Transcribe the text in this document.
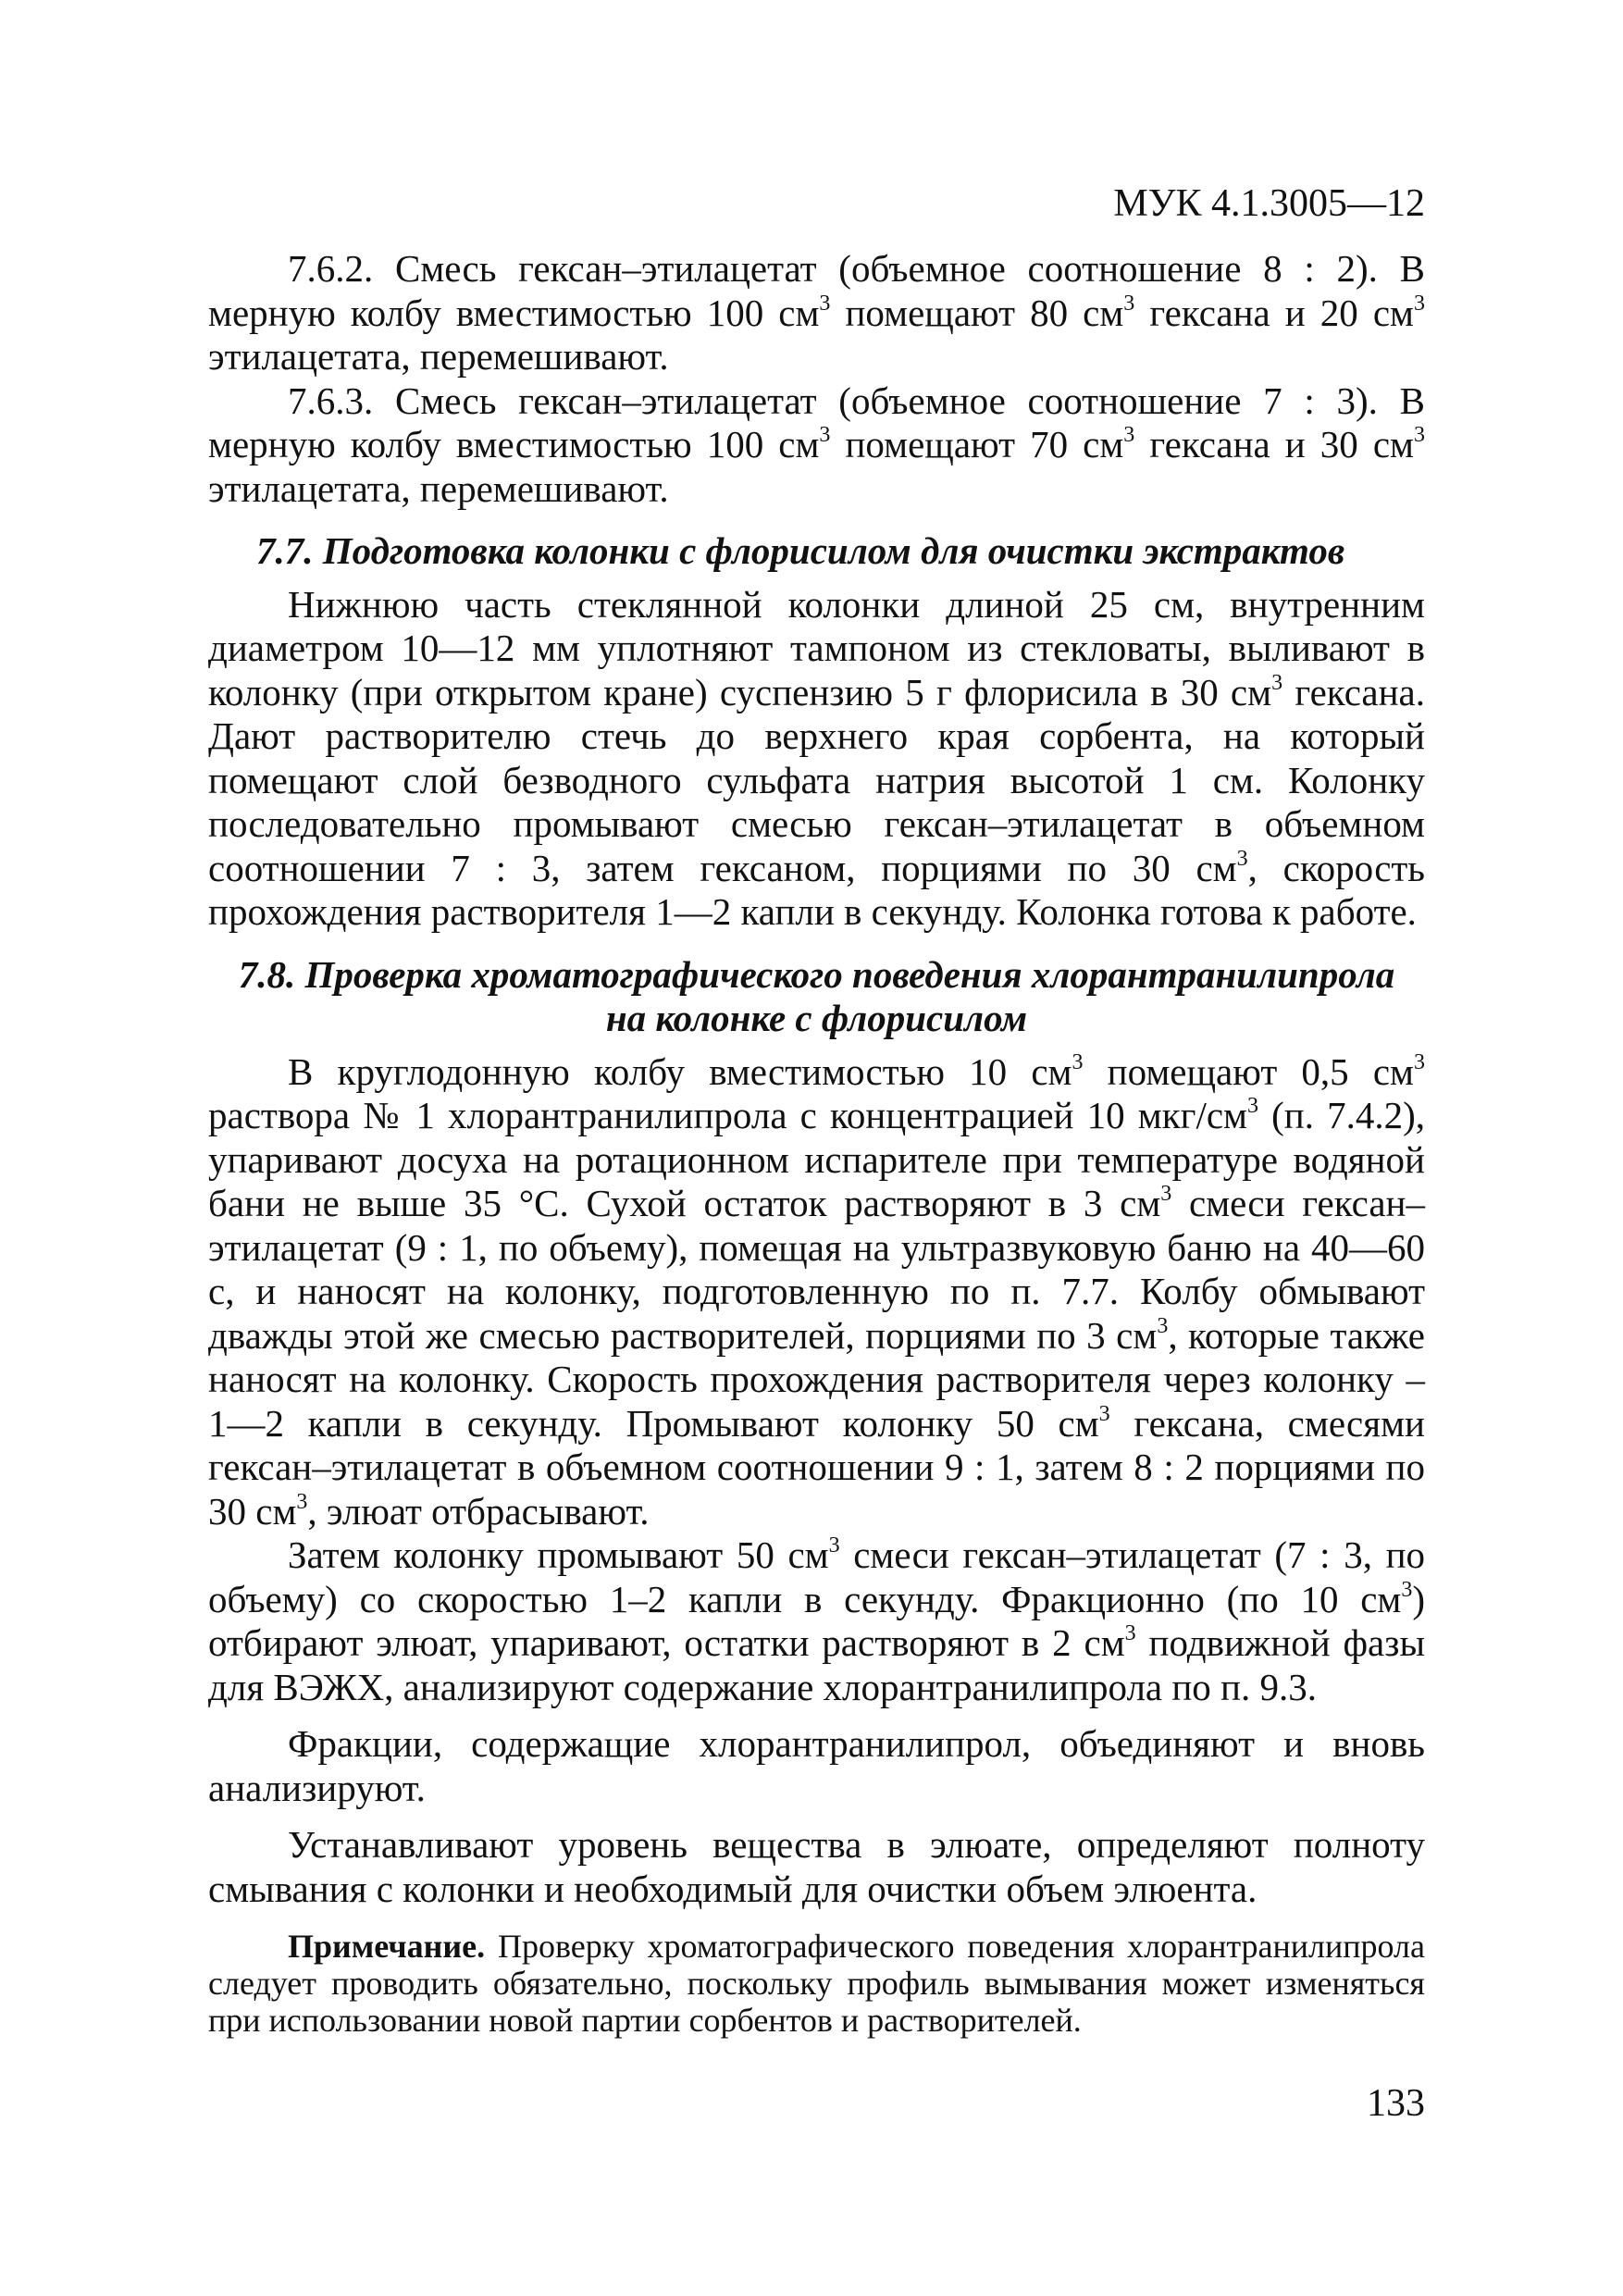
МУК 4.1.3005—12

7.6.2. Смесь гексан–этилацетат (объемное соотношение 8 : 2). В мерную колбу вместимостью 100 $см^3$ помещают 80 $см^3$ гексана и 20 $см^3$ этилацетата, перемешивают.

7.6.3. Смесь гексан–этилацетат (объемное соотношение 7 : 3). В мерную колбу вместимостью 100 $см^3$ помещают 70 $см^3$ гексана и 30 $см^3$ этилацетата, перемешивают.

7.7. Подготовка колонки с флорисилом для очистки экстрактов

Нижнюю часть стеклянной колонки длиной 25 см, внутренним диаметром 10—12 мм уплотняют тампоном из стекловаты, выливают в колонку (при открытом кране) суспензию 5 г флорисила в 30 $см^3$ гексана. Дают растворителю стечь до верхнего края сорбента, на который помещают слой безводного сульфата натрия высотой 1 см. Колонку последовательно промывают смесью гексан–этилацетат в объемном соотношении 7 : 3, затем гексаном, порциями по 30 $см^3$, скорость прохождения растворителя 1—2 капли в секунду. Колонка готова к работе.

7.8. Проверка хроматографического поведения хлорантранилипрола
на колонке с флорисилом

В круглодонную колбу вместимостью 10 $см^3$ помещают 0,5 $см^3$ раствора № 1 хлорантранилипрола с концентрацией 10 мкг/$см^3$ (п. 7.4.2), упаривают досуха на ротационном испарителе при температуре водяной бани не выше 35 °С. Сухой остаток растворяют в 3 $см^3$ смеси гексан–этилацетат (9 : 1, по объему), помещая на ультразвуковую баню на 40—60 с, и наносят на колонку, подготовленную по п. 7.7. Колбу обмывают дважды этой же смесью растворителей, порциями по 3 $см^3$, которые также наносят на колонку. Скорость прохождения растворителя через колонку – 1—2 капли в секунду. Промывают колонку 50 $см^3$ гексана, смесями гексан–этилацетат в объемном соотношении 9 : 1, затем 8 : 2 порциями по 30 $см^3$, элюат отбрасывают.

Затем колонку промывают 50 $см^3$ смеси гексан–этилацетат (7 : 3, по объему) со скоростью 1–2 капли в секунду. Фракционно (по 10 $см^3$) отбирают элюат, упаривают, остатки растворяют в 2 $см^3$ подвижной фазы для ВЭЖХ, анализируют содержание хлорантранилипрола по п. 9.3.

Фракции, содержащие хлорантранилипрол, объединяют и вновь анализируют.

Устанавливают уровень вещества в элюате, определяют полноту смывания с колонки и необходимый для очистки объем элюента.

Примечание. Проверку хроматографического поведения хлорантранилипрола следует проводить обязательно, поскольку профиль вымывания может изменяться при использовании новой партии сорбентов и растворителей.

133
